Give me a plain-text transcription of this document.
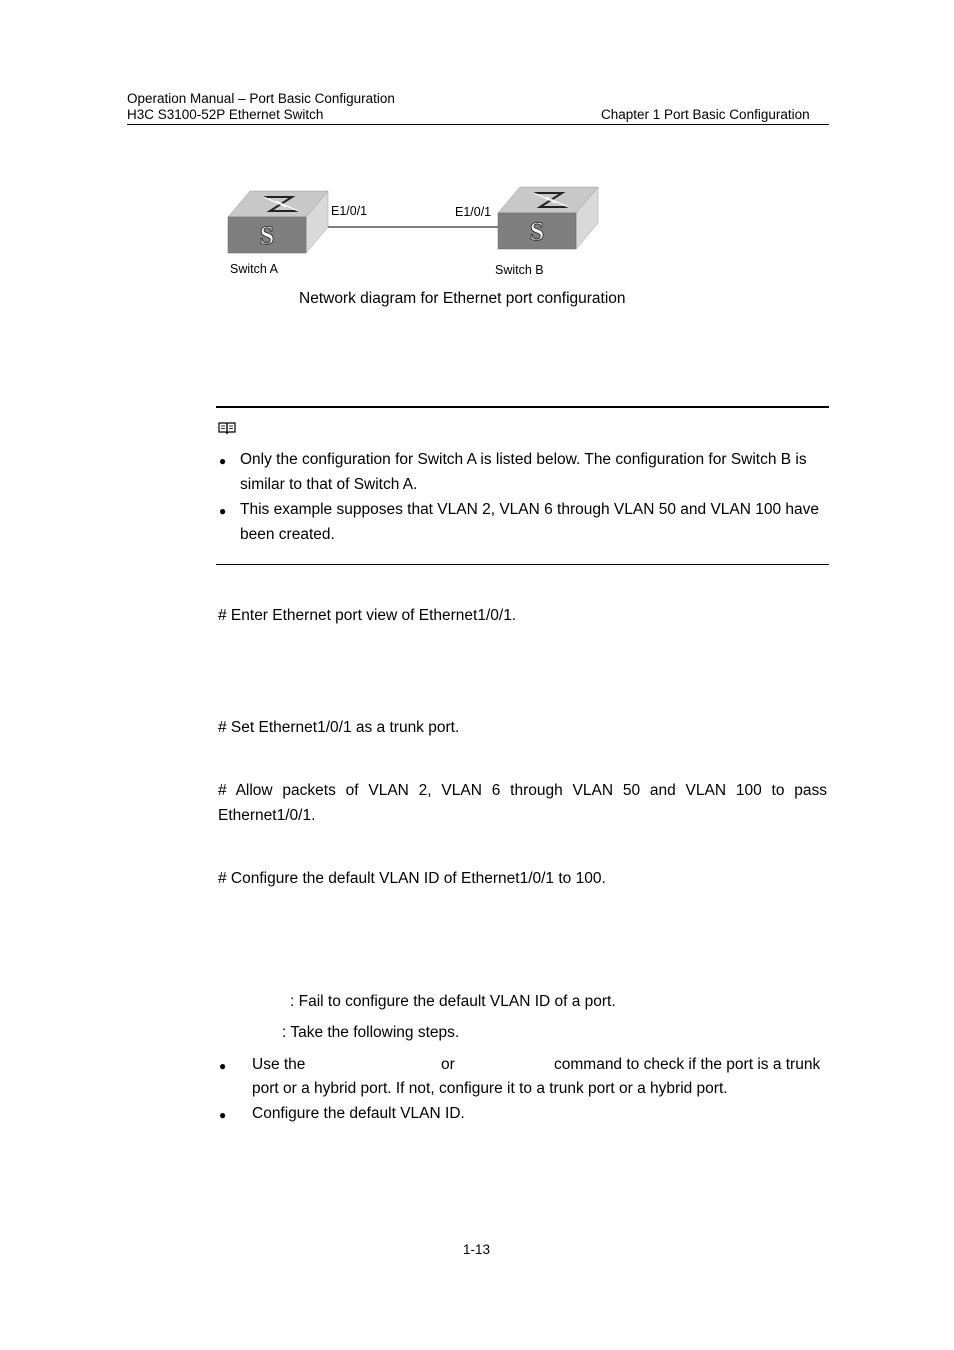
Operation Manual – Port Basic Configuration
H3C S3100-52P Ethernet Switch	Chapter 1 Port Basic Configuration
S	S
E1/0/1	E1/0/1
Switch A	Switch B
Network diagram for Ethernet port configuration
● Only the configuration for Switch A is listed below. The configuration for Switch B is
similar to that of Switch A.
● This example supposes that VLAN 2, VLAN 6 through VLAN 50 and VLAN 100 have
been created.
# Enter Ethernet port view of Ethernet1/0/1.
# Set Ethernet1/0/1 as a trunk port.
# Allow packets of VLAN 2, VLAN 6 through VLAN 50 and VLAN 100 to pass
Ethernet1/0/1.
# Configure the default VLAN ID of Ethernet1/0/1 to 100.
: Fail to configure the default VLAN ID of a port.
: Take the following steps.
● Use the	or	command to check if the port is a trunk
port or a hybrid port. If not, configure it to a trunk port or a hybrid port.
● Configure the default VLAN ID.
1-13
